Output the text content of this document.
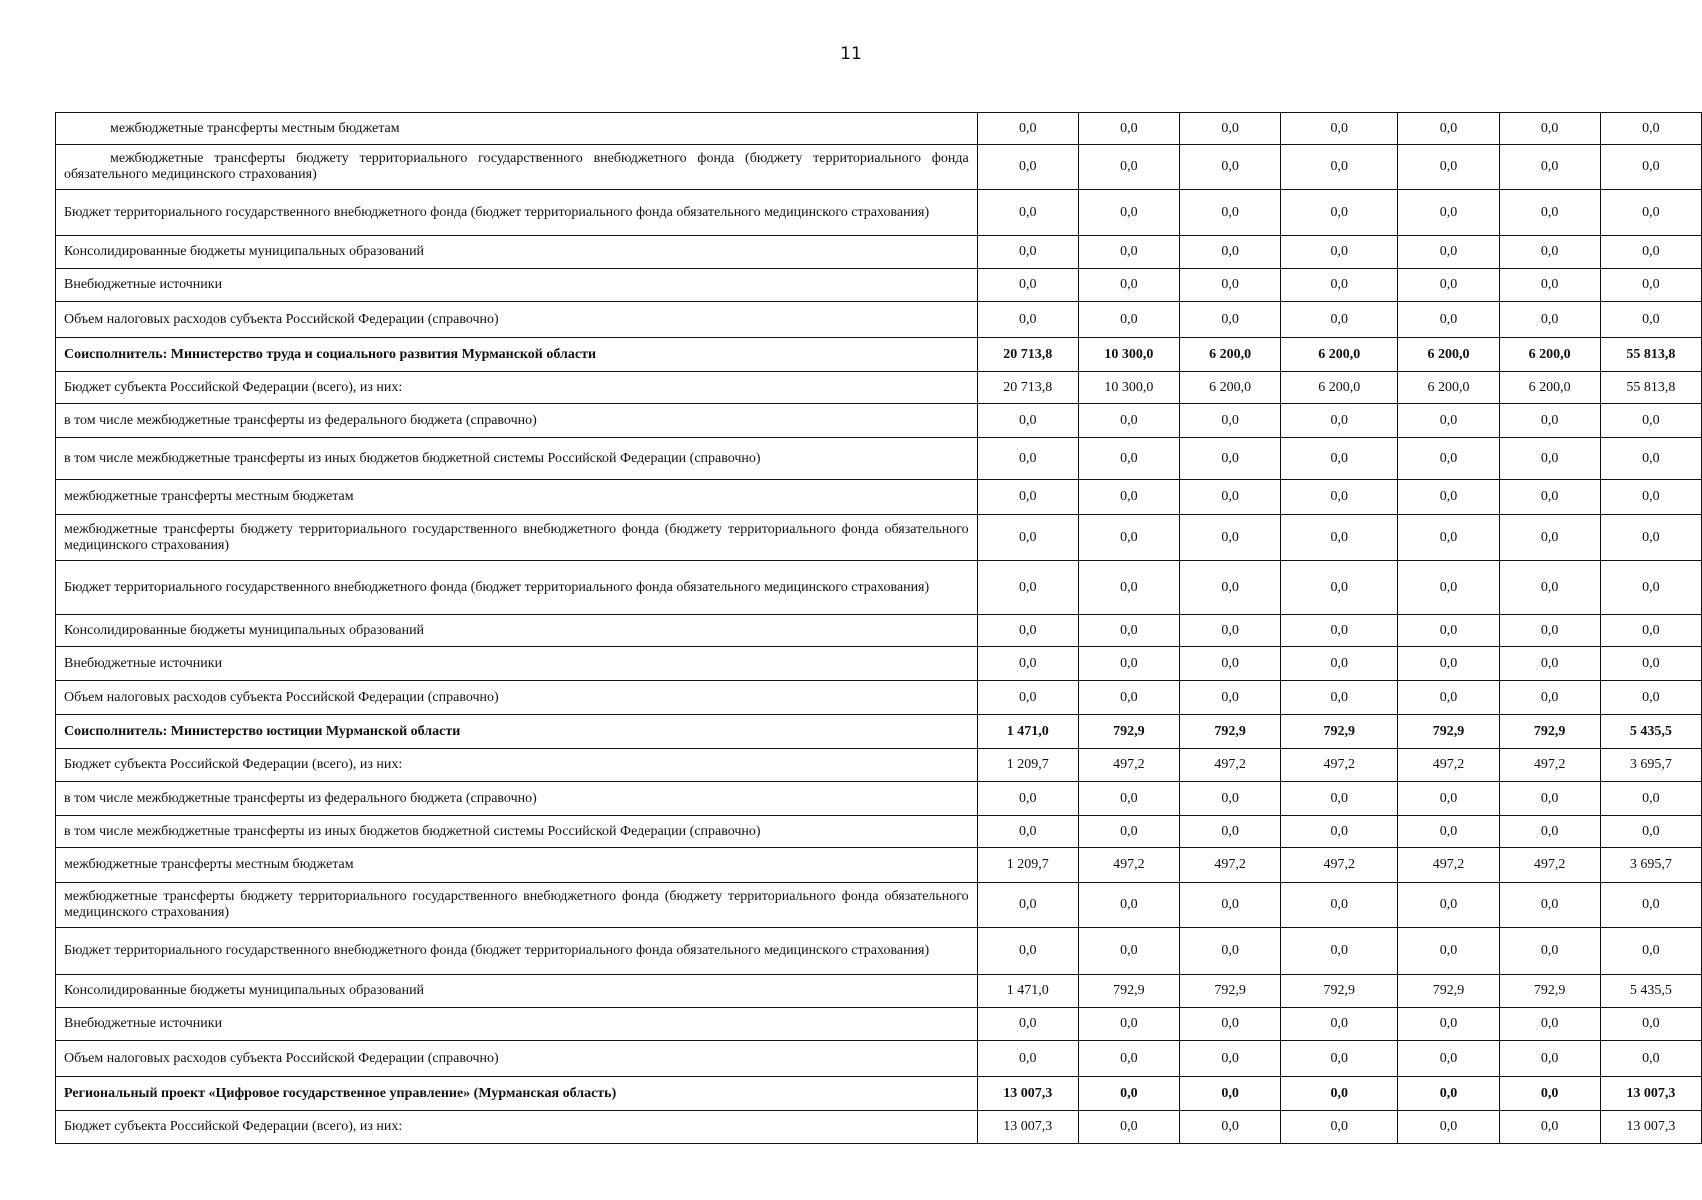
11
межбюджетные трансферты местным бюджетам	0,0	0,0	0,0	0,0	0,0	0,0	0,0
межбюджетные трансферты бюджету территориального государственного внебюджетного фонда (бюджету территориального фонда обязательного медицинского страхования)	0,0	0,0	0,0	0,0	0,0	0,0	0,0
Бюджет территориального государственного внебюджетного фонда (бюджет территориального фонда обязательного медицинского страхования)	0,0	0,0	0,0	0,0	0,0	0,0	0,0
Консолидированные бюджеты муниципальных образований	0,0	0,0	0,0	0,0	0,0	0,0	0,0
Внебюджетные источники	0,0	0,0	0,0	0,0	0,0	0,0	0,0
Объем налоговых расходов субъекта Российской Федерации (справочно)	0,0	0,0	0,0	0,0	0,0	0,0	0,0
Соисполнитель: Министерство труда и социального развития Мурманской области	20 713,8	10 300,0	6 200,0	6 200,0	6 200,0	6 200,0	55 813,8
Бюджет субъекта Российской Федерации (всего), из них:	20 713,8	10 300,0	6 200,0	6 200,0	6 200,0	6 200,0	55 813,8
в том числе межбюджетные трансферты из федерального бюджета (справочно)	0,0	0,0	0,0	0,0	0,0	0,0	0,0
в том числе межбюджетные трансферты из иных бюджетов бюджетной системы Российской Федерации (справочно)	0,0	0,0	0,0	0,0	0,0	0,0	0,0
межбюджетные трансферты местным бюджетам	0,0	0,0	0,0	0,0	0,0	0,0	0,0
межбюджетные трансферты бюджету территориального государственного внебюджетного фонда (бюджету территориального фонда обязательного медицинского страхования)	0,0	0,0	0,0	0,0	0,0	0,0	0,0
Бюджет территориального государственного внебюджетного фонда (бюджет территориального фонда обязательного медицинского страхования)	0,0	0,0	0,0	0,0	0,0	0,0	0,0
Консолидированные бюджеты муниципальных образований	0,0	0,0	0,0	0,0	0,0	0,0	0,0
Внебюджетные источники	0,0	0,0	0,0	0,0	0,0	0,0	0,0
Объем налоговых расходов субъекта Российской Федерации (справочно)	0,0	0,0	0,0	0,0	0,0	0,0	0,0
Соисполнитель: Министерство юстиции Мурманской области	1 471,0	792,9	792,9	792,9	792,9	792,9	5 435,5
Бюджет субъекта Российской Федерации (всего), из них:	1 209,7	497,2	497,2	497,2	497,2	497,2	3 695,7
в том числе межбюджетные трансферты из федерального бюджета (справочно)	0,0	0,0	0,0	0,0	0,0	0,0	0,0
в том числе межбюджетные трансферты из иных бюджетов бюджетной системы Российской Федерации (справочно)	0,0	0,0	0,0	0,0	0,0	0,0	0,0
межбюджетные трансферты местным бюджетам	1 209,7	497,2	497,2	497,2	497,2	497,2	3 695,7
межбюджетные трансферты бюджету территориального государственного внебюджетного фонда (бюджету территориального фонда обязательного медицинского страхования)	0,0	0,0	0,0	0,0	0,0	0,0	0,0
Бюджет территориального государственного внебюджетного фонда (бюджет территориального фонда обязательного медицинского страхования)	0,0	0,0	0,0	0,0	0,0	0,0	0,0
Консолидированные бюджеты муниципальных образований	1 471,0	792,9	792,9	792,9	792,9	792,9	5 435,5
Внебюджетные источники	0,0	0,0	0,0	0,0	0,0	0,0	0,0
Объем налоговых расходов субъекта Российской Федерации (справочно)	0,0	0,0	0,0	0,0	0,0	0,0	0,0
Региональный проект «Цифровое государственное управление» (Мурманская область)	13 007,3	0,0	0,0	0,0	0,0	0,0	13 007,3
Бюджет субъекта Российской Федерации (всего), из них:	13 007,3	0,0	0,0	0,0	0,0	0,0	13 007,3
